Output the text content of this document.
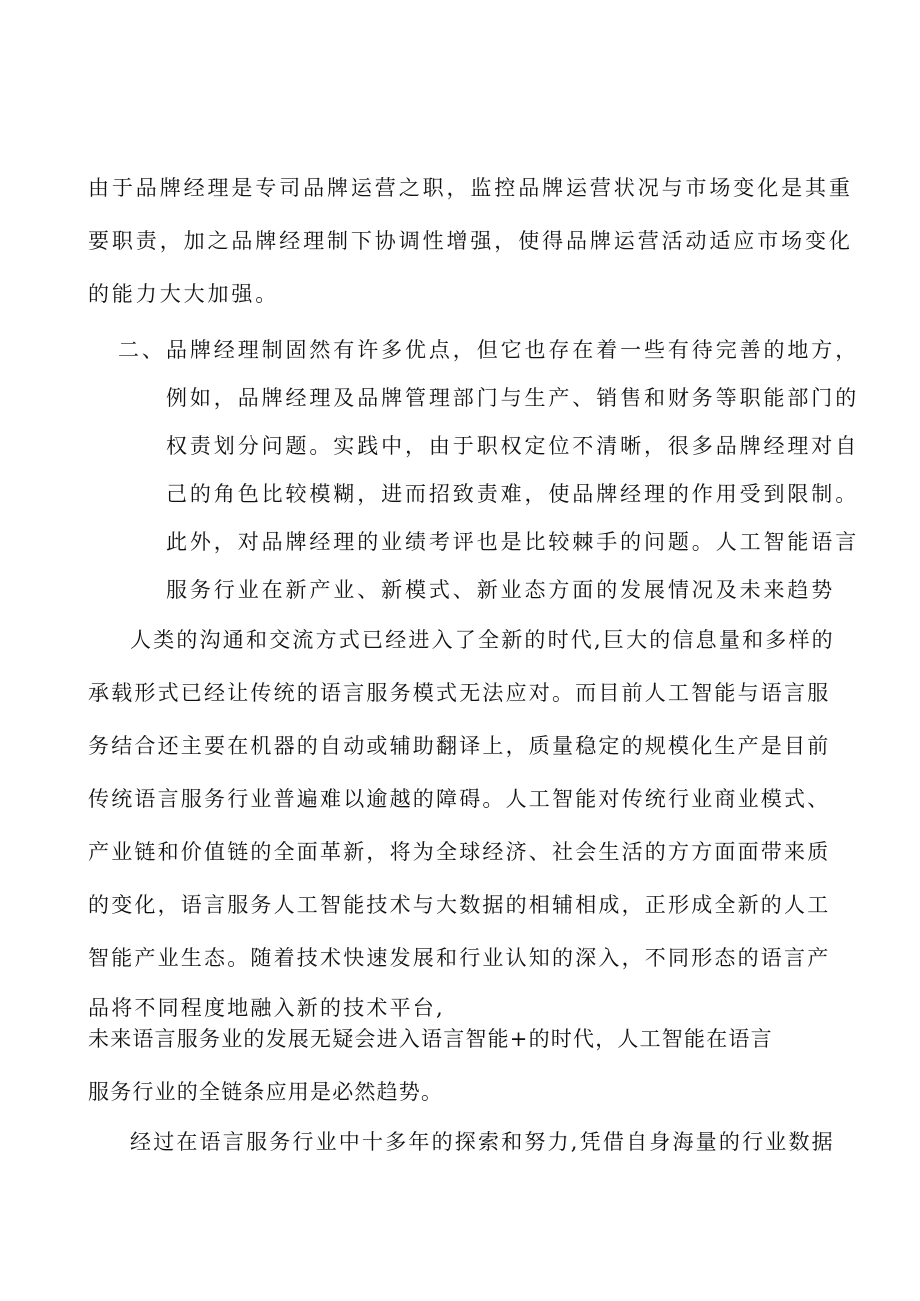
由于品牌经理是专司品牌运营之职，监控品牌运营状况与市场变化是其重
要职责，加之品牌经理制下协调性增强，使得品牌运营活动适应市场变化
的能力大大加强。
二、 品牌经理制固然有许多优点，但它也存在着一些有待完善的地方，
例如，品牌经理及品牌管理部门与生产、销售和财务等职能部门的
权责划分问题。实践中，由于职权定位不清晰，很多品牌经理对自
己的角色比较模糊，进而招致责难，使品牌经理的作用受到限制。
此外，对品牌经理的业绩考评也是比较棘手的问题。人工智能语言
服务行业在新产业、新模式、新业态方面的发展情况及未来趋势
人类的沟通和交流方式已经进入了全新的时代,巨大的信息量和多样的
承载形式已经让传统的语言服务模式无法应对。而目前人工智能与语言服
务结合还主要在机器的自动或辅助翻译上，质量稳定的规模化生产是目前
传统语言服务行业普遍难以逾越的障碍。人工智能对传统行业商业模式、
产业链和价值链的全面革新，将为全球经济、社会生活的方方面面带来质
的变化，语言服务人工智能技术与大数据的相辅相成，正形成全新的人工
智能产业生态。随着技术快速发展和行业认知的深入，不同形态的语言产
品将不同程度地融入新的技术平台,
未来语言服务业的发展无疑会进入语言智能+的时代，人工智能在语言
服务行业的全链条应用是必然趋势。
经过在语言服务行业中十多年的探索和努力,凭借自身海量的行业数据
